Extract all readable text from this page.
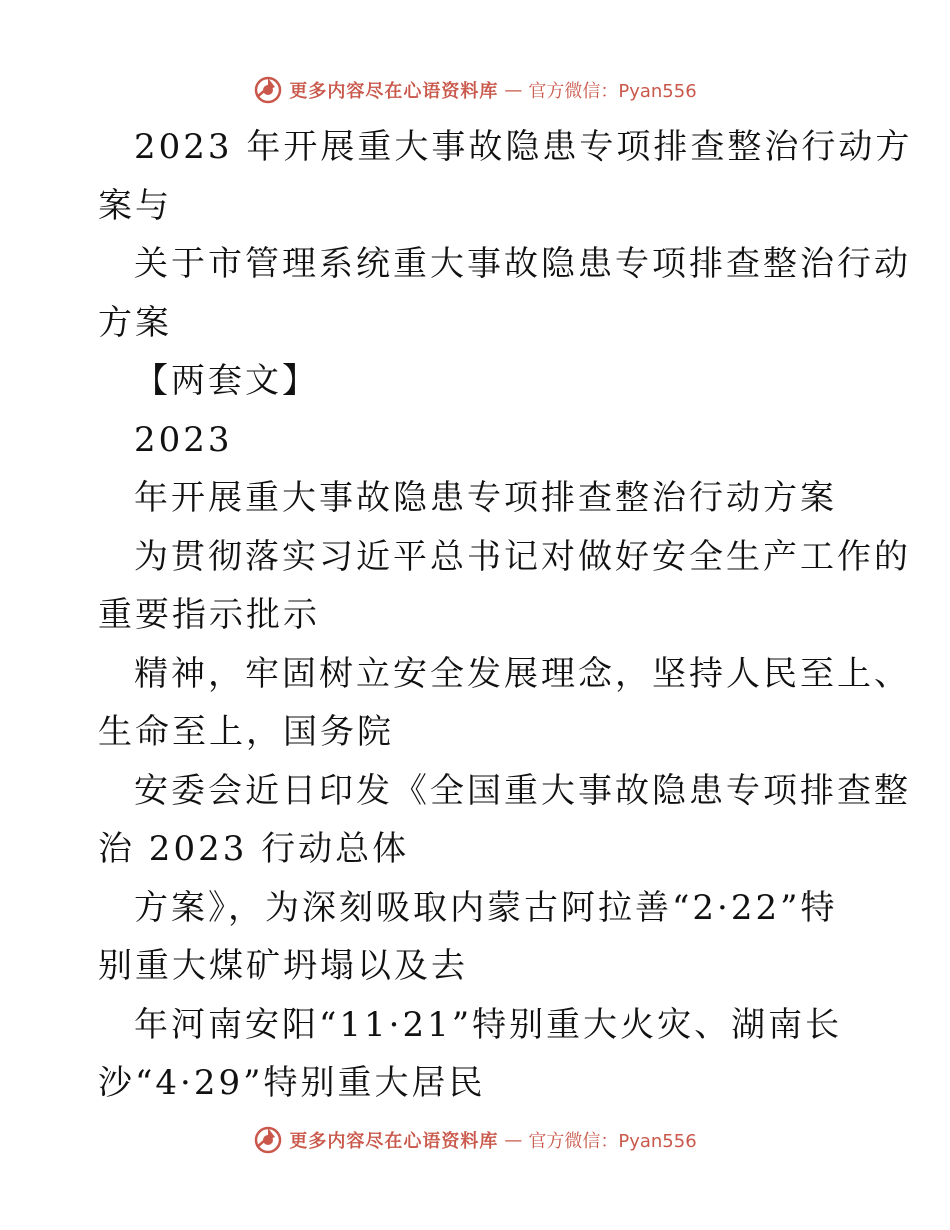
更多内容尽在心语资料库 — 官方微信：Pyan556
2023 年开展重大事故隐患专项排查整治行动方
案与
关于市管理系统重大事故隐患专项排查整治行动
方案
【两套文】
2023
年开展重大事故隐患专项排查整治行动方案
为贯彻落实习近平总书记对做好安全生产工作的
重要指示批示
精神，牢固树立安全发展理念，坚持人民至上、
生命至上，国务院
安委会近日印发《全国重大事故隐患专项排查整
治 2023 行动总体
方案》，为深刻吸取内蒙古阿拉善“2·22”特
别重大煤矿坍塌以及去
年河南安阳“11·21”特别重大火灾、湖南长
沙“4·29”特别重大居民
更多内容尽在心语资料库 — 官方微信：Pyan556
